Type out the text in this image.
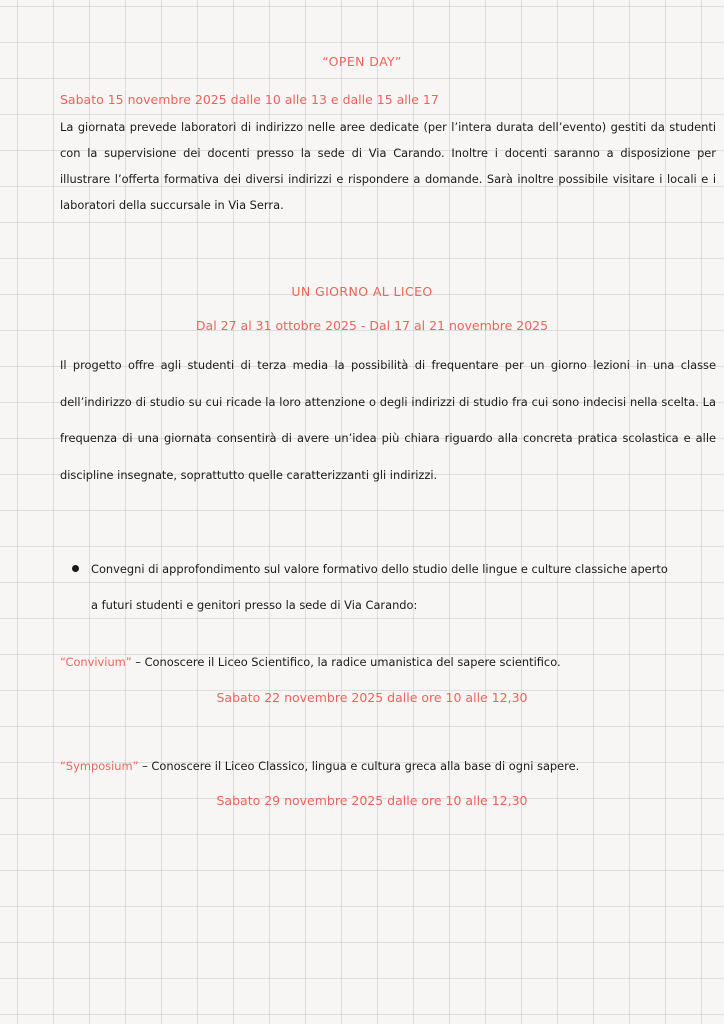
“OPEN DAY”
Sabato 15 novembre 2025 dalle 10 alle 13 e dalle 15 alle 17
La giornata prevede laboratori di indirizzo nelle aree dedicate (per l’intera durata dell’evento) gestiti da studenti con la supervisione dei docenti presso la sede di Via Carando. Inoltre i docenti saranno a disposizione per illustrare l’offerta formativa dei diversi indirizzi e rispondere a domande. Sarà inoltre possibile visitare i locali e i laboratori della succursale in Via Serra.
UN GIORNO AL LICEO
Dal 27 al 31 ottobre 2025 - Dal 17 al 21 novembre 2025
Il progetto offre agli studenti di terza media la possibilità di frequentare per un giorno lezioni in una classe dell’indirizzo di studio su cui ricade la loro attenzione o degli indirizzi di studio fra cui sono indecisi nella scelta. La frequenza di una giornata consentirà di avere un’idea più chiara riguardo alla concreta pratica scolastica e alle discipline insegnate, soprattutto quelle caratterizzanti gli indirizzi.
Convegni di approfondimento sul valore formativo dello studio delle lingue e culture classiche aperto a futuri studenti e genitori presso la sede di Via Carando:
“Convivium” – Conoscere il Liceo Scientifico, la radice umanistica del sapere scientifico.
Sabato 22 novembre 2025 dalle ore 10 alle 12,30
“Symposium” – Conoscere il Liceo Classico, lingua e cultura greca alla base di ogni sapere.
Sabato 29 novembre 2025 dalle ore 10 alle 12,30
